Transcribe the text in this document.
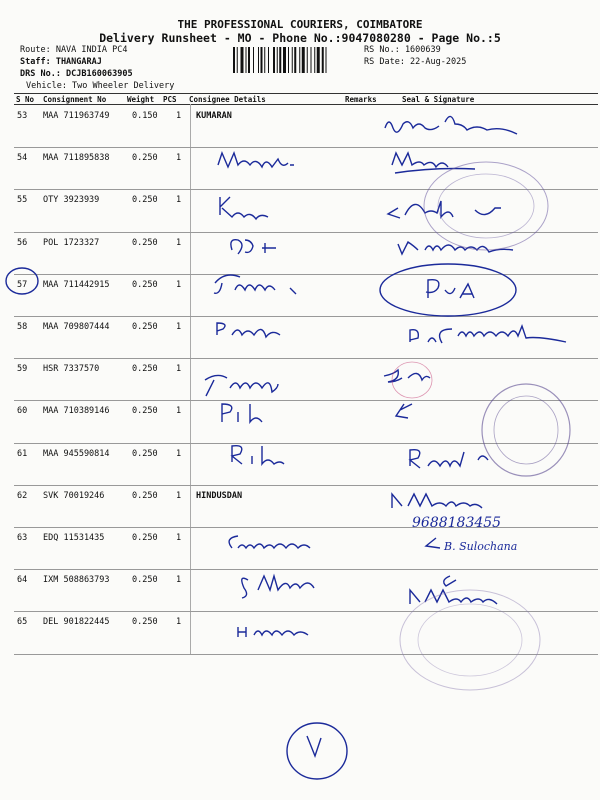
THE PROFESSIONAL COURIERS, COIMBATORE
Delivery Runsheet - MO - Phone No.:9047080280 - Page No.:5
Route: NAVA INDIA PC4
Staff: THANGARAJ
DRS No.: DCJB160063905
Vehicle: Two Wheeler Delivery
RS No.: 1600639
RS Date: 22-Aug-2025
S No Consignment No	Weight PCS Consignee Details	Remarks	Seal & Signature
53 MAA 711963749	0.150 1 KUMARAN
54 MAA 711895838	0.250 1
55 OTY 3923939	0.250 1
56 POL 1723327	0.250 1
57 MAA 711442915	0.250 1
58 MAA 709807444	0.250 1
59 HSR 7337570	0.250 1
60 MAA 710389146	0.250 1
61 MAA 945590814	0.250 1
62 SVK 70019246	0.250 1 HINDUSDAN
63 EDQ 11531435	0.250 1
64 IXM 508863793	0.250 1
65 DEL 901822445	0.250 1
9688183455
B. Sulochana
